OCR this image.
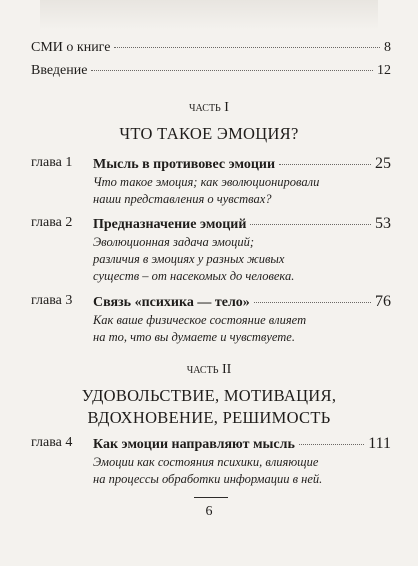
СМИ о книге	8
Введение	12
часть I
ЧТО ТАКОЕ ЭМОЦИЯ?
глава 1 Мысль в противовес эмоции	25
Что такое эмоция; как эволюционировали
наши представления о чувствах?
глава 2 Предназначение эмоций	53
Эволюционная задача эмоций;
различия в эмоциях у разных живых
существ – от насекомых до человека.
глава 3 Связь «психика — тело»	76
Как ваше физическое состояние влияет
на то, что вы думаете и чувствуете.
часть II
УДОВОЛЬСТВИЕ, МОТИВАЦИЯ,
ВДОХНОВЕНИЕ, РЕШИМОСТЬ
глава 4 Как эмоции направляют мысль	111
Эмоции как состояния психики, влияющие
на процессы обработки информации в ней.
6
